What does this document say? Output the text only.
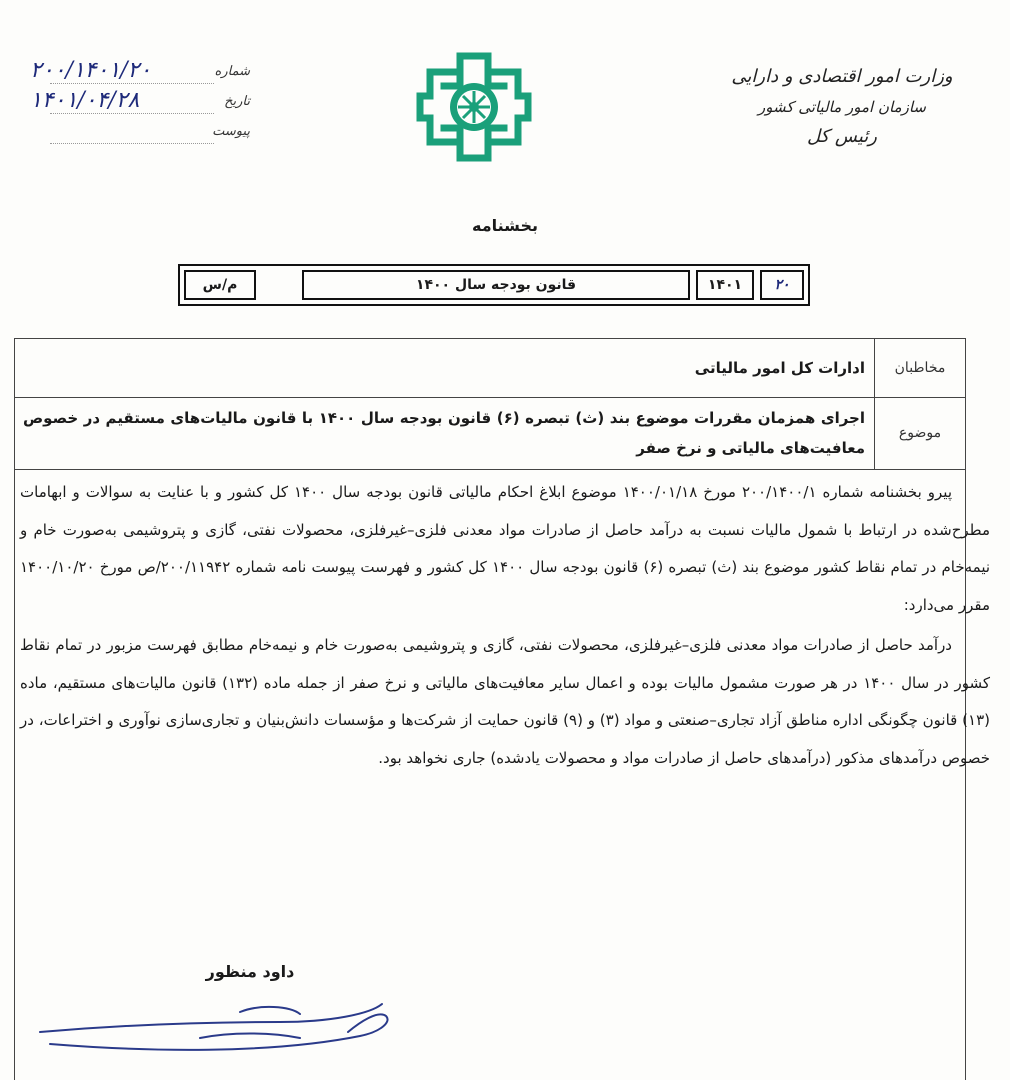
وزارت امور اقتصادی و دارایی
سازمان امور مالیاتی کشور
رئیس کل
شماره
۲۰۰/۱۴۰۱/۲۰
تاریخ
۱۴۰۱/۰۴/۲۸
پیوست
بخشنامه
۲۰
۱۴۰۱
قانون بودجه سال ۱۴۰۰
م/س
مخاطبان
ادارات کل امور مالیاتی
موضوع
اجرای همزمان مقررات موضوع بند (ث) تبصره (۶) قانون بودجه سال ۱۴۰۰ با قانون مالیات‌های مستقیم در خصوص معافیت‌های مالیاتی و نرخ صفر

پیرو بخشنامه شماره ۲۰۰/۱۴۰۰/۱ مورخ ۱۴۰۰/۰۱/۱۸ موضوع ابلاغ احکام مالیاتی قانون بودجه سال ۱۴۰۰ کل کشور و با عنایت به سوالات و ابهامات مطرح‌شده در ارتباط با شمول مالیات نسبت به درآمد حاصل از صادرات مواد معدنی فلزی–غیرفلزی، محصولات نفتی، گازی و پتروشیمی به‌صورت خام و نیمه‌خام در تمام نقاط کشور موضوع بند (ث) تبصره (۶) قانون بودجه سال ۱۴۰۰ کل کشور و فهرست پیوست نامه شماره ۲۰۰/۱۱۹۴۲/ص مورخ ۱۴۰۰/۱۰/۲۰ مقرر می‌دارد:

درآمد حاصل از صادرات مواد معدنی فلزی–غیرفلزی، محصولات نفتی، گازی و پتروشیمی به‌صورت خام و نیمه‌خام مطابق فهرست مزبور در تمام نقاط کشور در سال ۱۴۰۰ در هر صورت مشمول مالیات بوده و اعمال سایر معافیت‌های مالیاتی و نرخ صفر از جمله ماده (۱۳۲) قانون مالیات‌های مستقیم، ماده (۱۳) قانون چگونگی اداره مناطق آزاد تجاری–صنعتی و مواد (۳) و (۹) قانون حمایت از شرکت‌ها و مؤسسات دانش‌بنیان و تجاری‌سازی نوآوری و اختراعات، در خصوص درآمدهای مذکور (درآمدهای حاصل از صادرات مواد و محصولات یادشده) جاری نخواهد بود.

داود منظور
